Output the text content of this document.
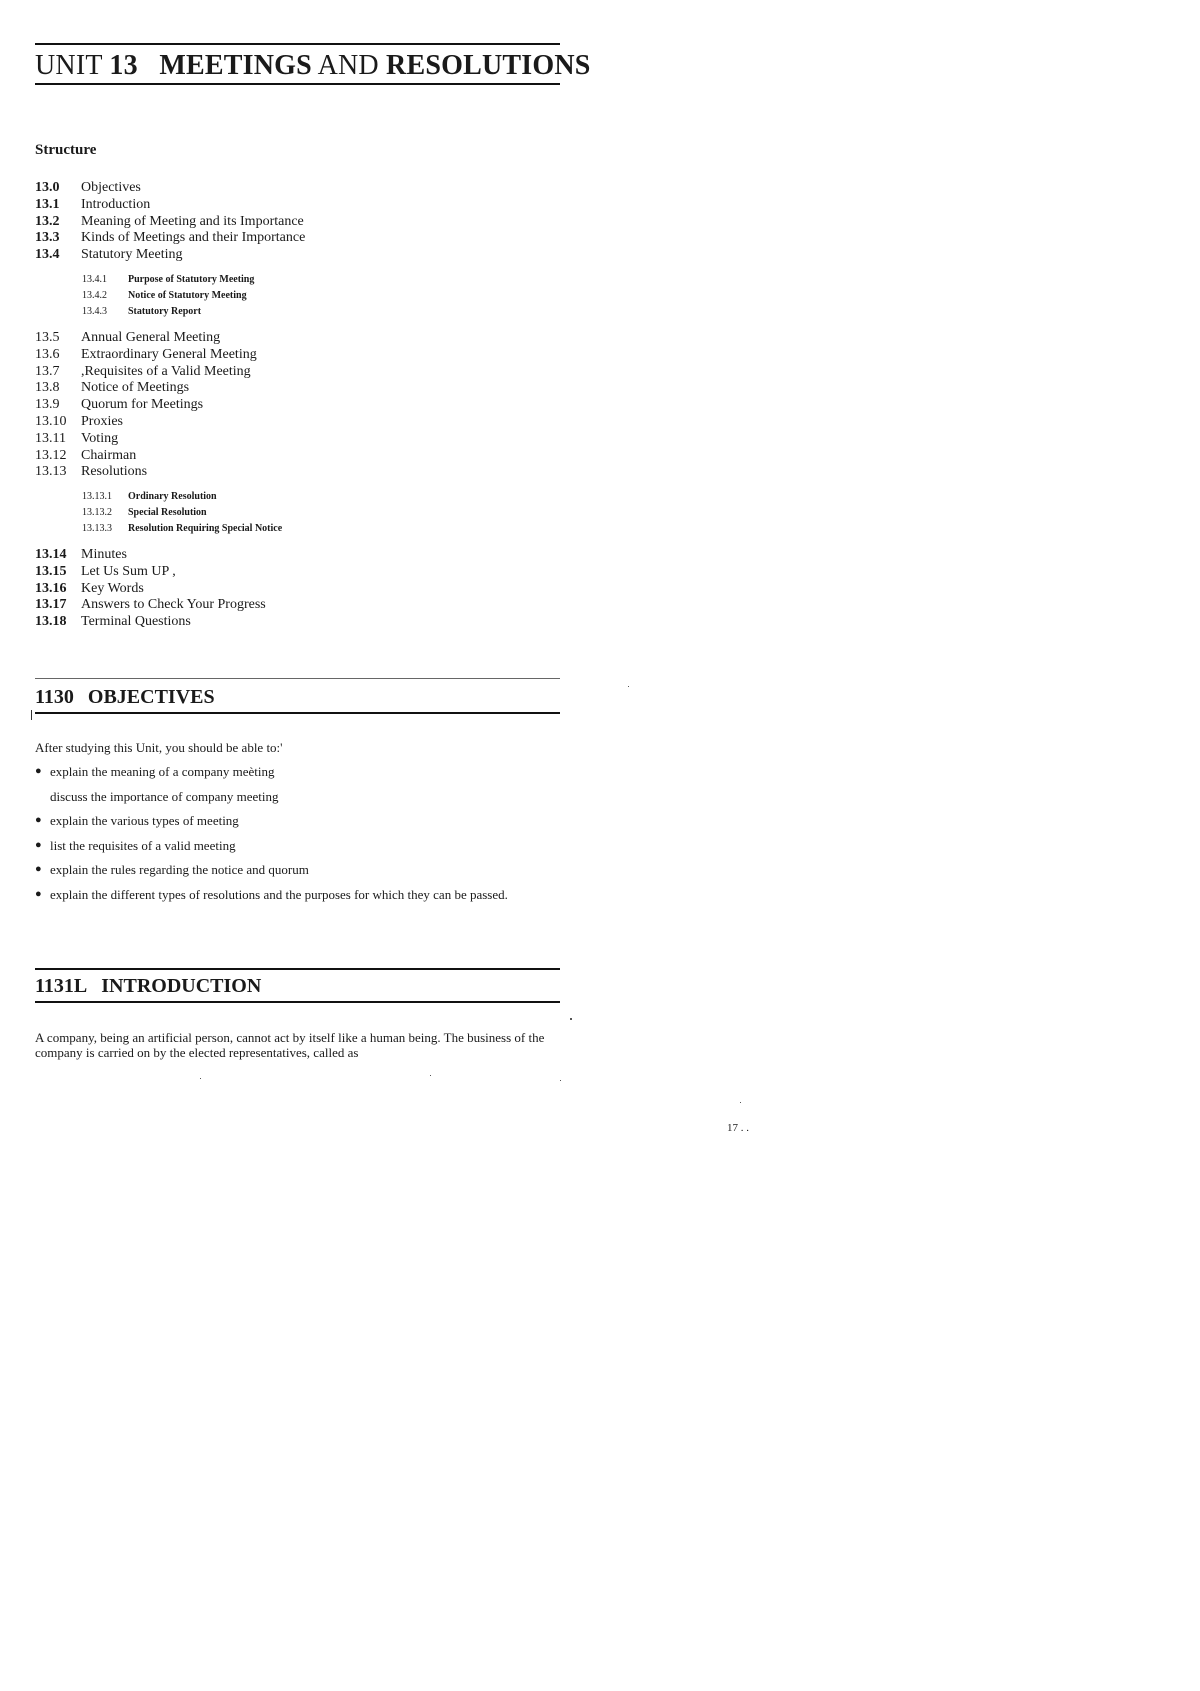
UNIT 13 MEETINGS AND RESOLUTIONS
Structure
13.0	Objectives
13.1	Introduction
13.2	Meaning of Meeting and its Importance
13.3	Kinds of Meetings and their Importance
13.4	Statutory Meeting
13.4.1	Purpose of Statutory Meeting
13.4.2	Notice of Statutory Meeting
13.4.3	Statutory Report
13.5	Annual General Meeting
13.6	Extraordinary General Meeting
13.7	,Requisites of a Valid Meeting
13.8	Notice of Meetings
13.9	Quorum for Meetings
13.10	Proxies
13.11	Voting
13.12	Chairman
13.13	Resolutions
13.13.1	Ordinary Resolution
13.13.2	Special Resolution
13.13.3	Resolution Requiring Special Notice
13.14	Minutes
13.15	Let Us Sum UP ,
13.16	Key Words
13.17	Answers to Check Your Progress
13.18	Terminal Questions
1130 OBJECTIVES
After studying this Unit, you should be able to:'
● explain the meaning of a company meèting
discuss the importance of company meeting
● explain the various types of meeting
● list the requisites of a valid meeting
● explain the rules regarding the notice and quorum
● explain the different types of resolutions and the purposes for which they can be passed.
1131L INTRODUCTION
A company, being an artificial person, cannot act by itself like a human being. The business of the company is carried on by the elected representatives, called as
17 . .
